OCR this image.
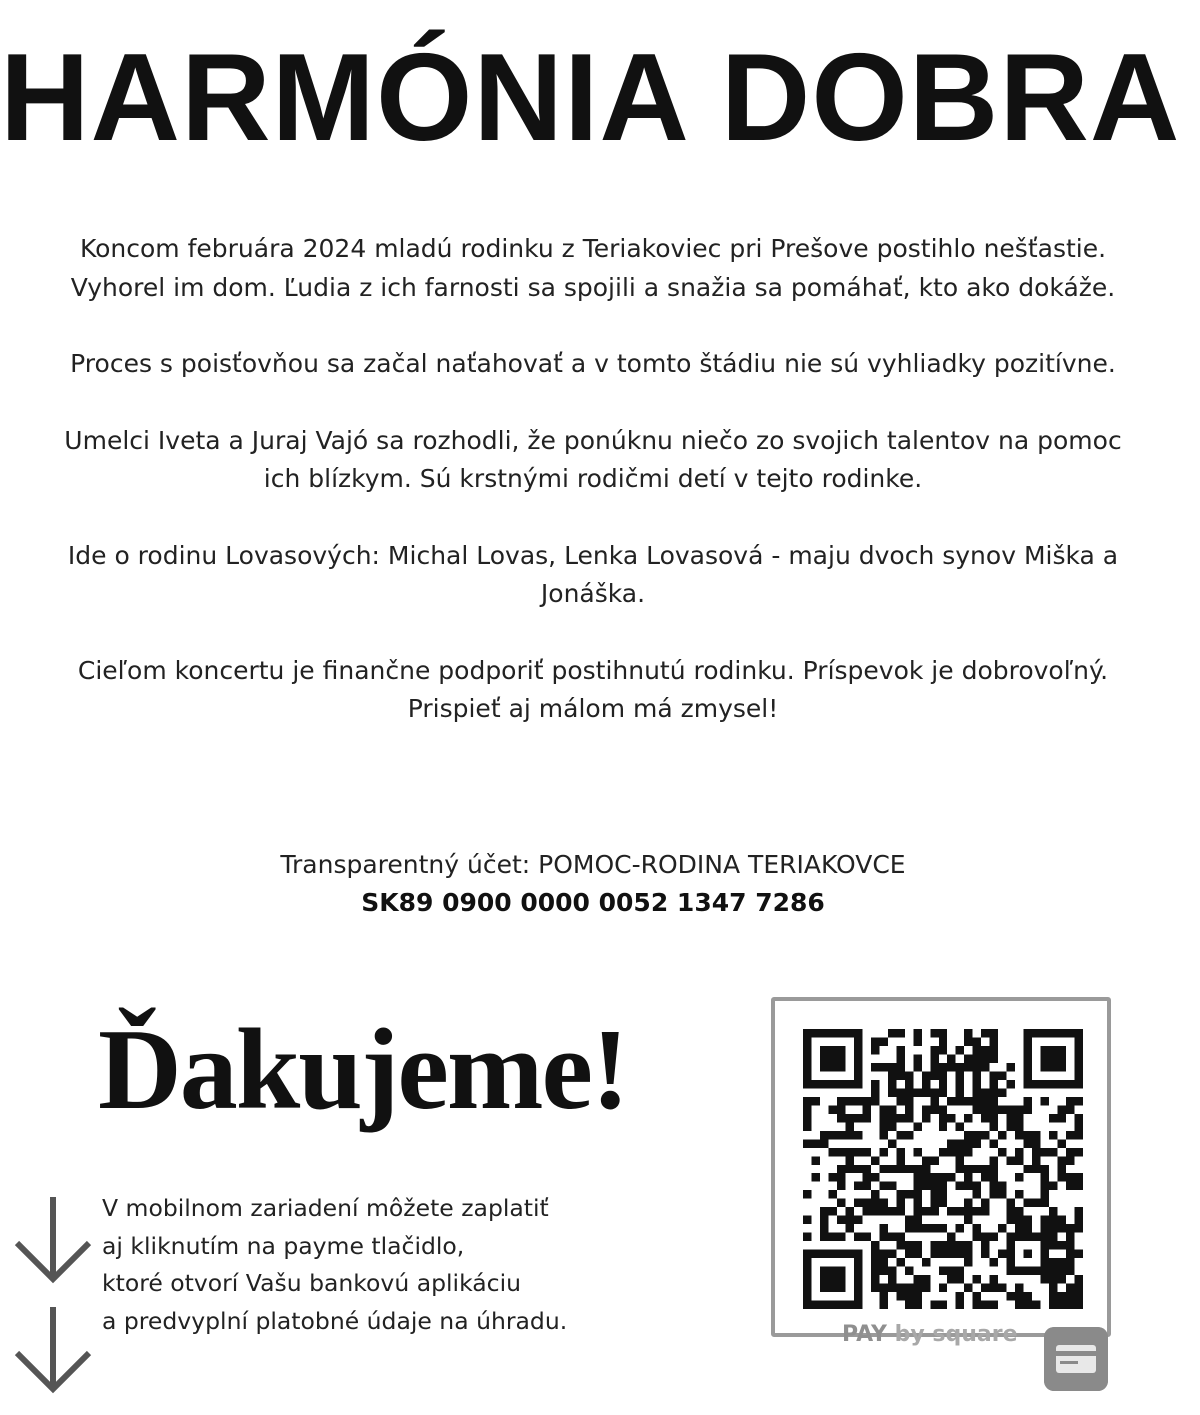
HARMÓNIA DOBRA

Koncom februára 2024 mladú rodinku z Teriakoviec pri Prešove postihlo nešťastie. Vyhorel im dom. Ľudia z ich farnosti sa spojili a snažia sa pomáhať, kto ako dokáže.

Proces s poisťovňou sa začal naťahovať a v tomto štádiu nie sú vyhliadky pozitívne.

Umelci Iveta a Juraj Vajó sa rozhodli, že ponúknu niečo zo svojich talentov na pomoc ich blízkym. Sú krstnými rodičmi detí v tejto rodinke.

Ide o rodinu Lovasových: Michal Lovas, Lenka Lovasová - maju dvoch synov Miška a Jonáška.

Cieľom koncertu je finančne podporiť postihnutú rodinku. Príspevok je dobrovoľný. Prispieť aj málom má zmysel!

Transparentný účet: POMOC-RODINA TERIAKOVCE
SK89 0900 0000 0052 1347 7286
Ďakujeme!
V mobilnom zariadení môžete zaplatiť
aj kliknutím na payme tlačidlo,
ktoré otvorí Vašu bankovú aplikáciu
a predvyplní platobné údaje na úhradu.	PAY by square
